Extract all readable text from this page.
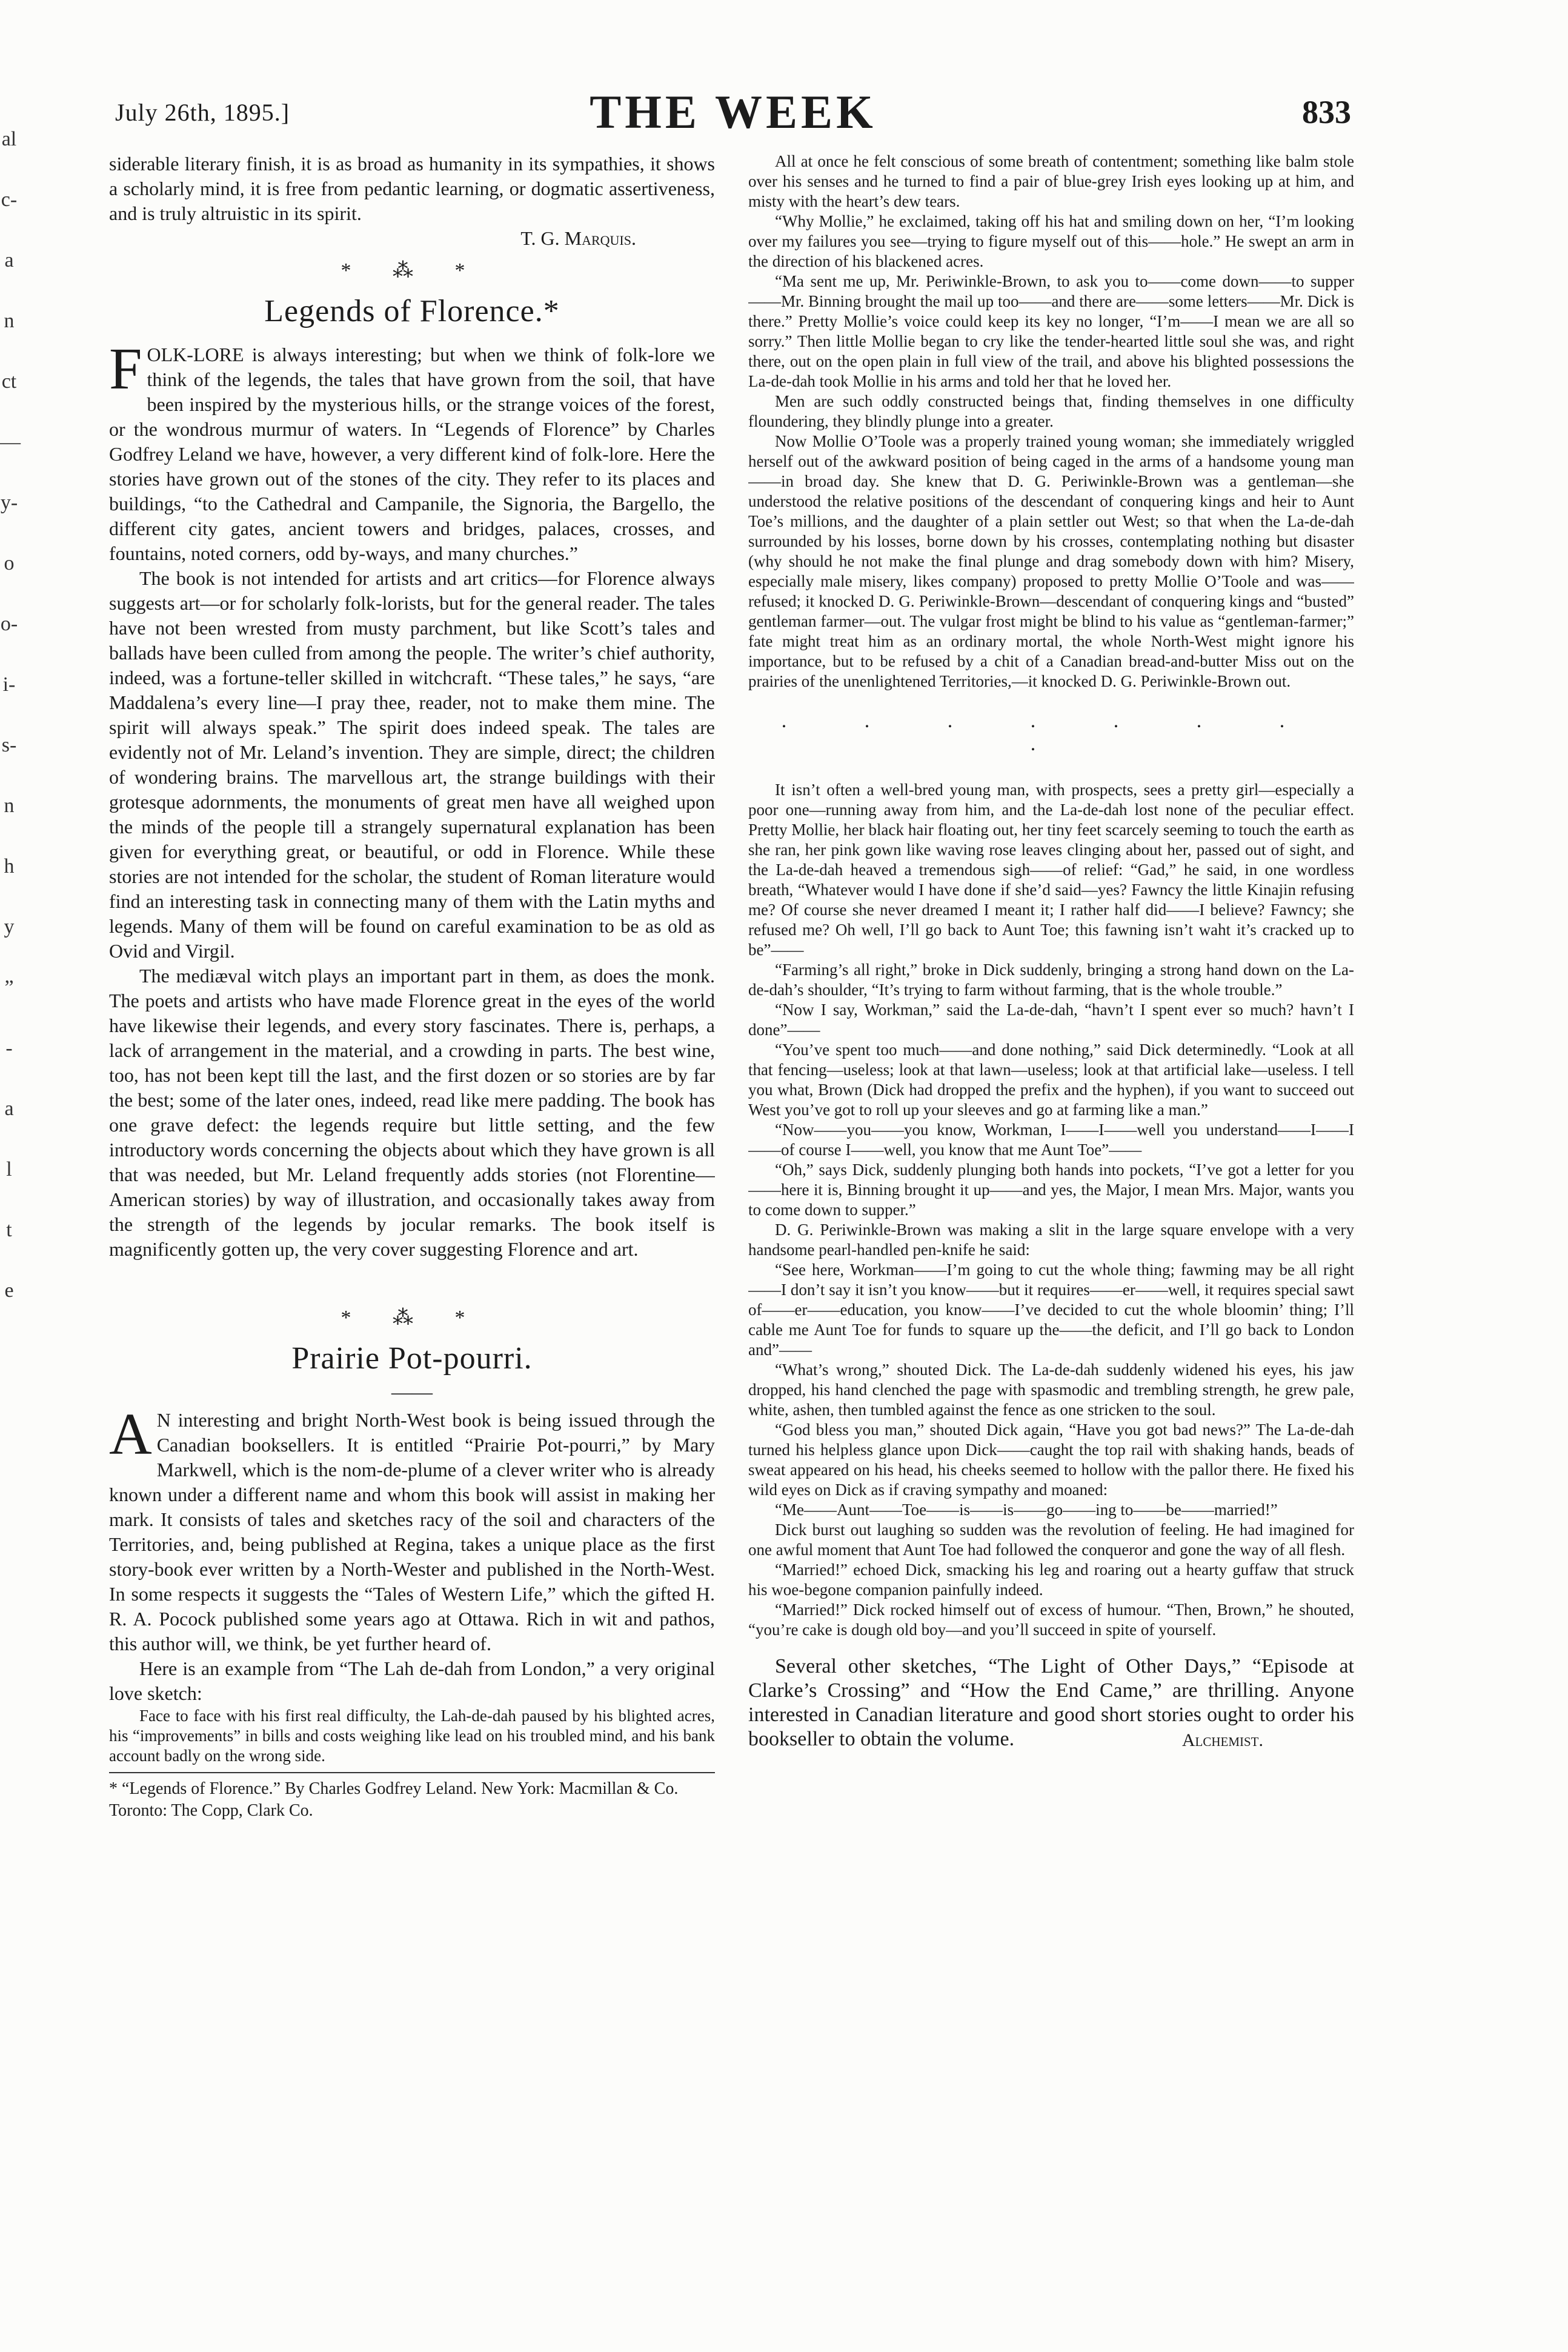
al
c-
a
n
ct
—
y-
o
o-
i-
s-
n
h
y
”
-
a
l
t
e
July 26th, 1895.]	THE WEEK	833

siderable literary finish, it is as broad as humanity in its sympathies, it shows a scholarly mind, it is free from pedantic learning, or dogmatic assertiveness, and is truly altruistic in its spirit.

T. G. Marquis.
* ⁂ *
Legends of Florence.*

FOLK-LORE is always interesting; but when we think of folk-lore we think of the legends, the tales that have grown from the soil, that have been inspired by the mysterious hills, or the strange voices of the forest, or the wondrous murmur of waters. In “Legends of Florence” by Charles Godfrey Leland we have, however, a very different kind of folk-lore. Here the stories have grown out of the stones of the city. They refer to its places and buildings, “to the Cathedral and Campanile, the Signoria, the Bargello, the different city gates, ancient towers and bridges, palaces, crosses, and fountains, noted corners, odd by-ways, and many churches.”

The book is not intended for artists and art critics—for Florence always suggests art—or for scholarly folk-lorists, but for the general reader. The tales have not been wrested from musty parchment, but like Scott’s tales and ballads have been culled from among the people. The writer’s chief authority, indeed, was a fortune-teller skilled in witchcraft. “These tales,” he says, “are Maddalena’s every line—I pray thee, reader, not to make them mine. The spirit will always speak.” The spirit does indeed speak. The tales are evidently not of Mr. Leland’s invention. They are simple, direct; the children of wondering brains. The marvellous art, the strange buildings with their grotesque adornments, the monuments of great men have all weighed upon the minds of the people till a strangely supernatural explanation has been given for everything great, or beautiful, or odd in Florence. While these stories are not intended for the scholar, the student of Roman literature would find an interesting task in connecting many of them with the Latin myths and legends. Many of them will be found on careful examination to be as old as Ovid and Virgil.

The mediæval witch plays an important part in them, as does the monk. The poets and artists who have made Florence great in the eyes of the world have likewise their legends, and every story fascinates. There is, perhaps, a lack of arrangement in the material, and a crowding in parts. The best wine, too, has not been kept till the last, and the first dozen or so stories are by far the best; some of the later ones, indeed, read like mere padding. The book has one grave defect: the legends require but little setting, and the few introductory words concerning the objects about which they have grown is all that was needed, but Mr. Leland frequently adds stories (not Florentine—American stories) by way of illustration, and occasionally takes away from the strength of the legends by jocular remarks. The book itself is magnificently gotten up, the very cover suggesting Florence and art.

* ⁂ *
Prairie Pot-pourri.
——

A N interesting and bright North-West book is being issued through the Canadian booksellers. It is entitled “Prairie Pot-pourri,” by Mary Markwell, which is the nom-de-plume of a clever writer who is already known under a different name and whom this book will assist in making her mark. It consists of tales and sketches racy of the soil and characters of the Territories, and, being published at Regina, takes a unique place as the first story-book ever written by a North-Wester and published in the North-West. In some respects it suggests the “Tales of Western Life,” which the gifted H. R. A. Pocock published some years ago at Ottawa. Rich in wit and pathos, this author will, we think, be yet further heard of.

Here is an example from “The Lah de-dah from London,” a very original love sketch:

Face to face with his first real difficulty, the Lah-de-dah paused by his blighted acres, his “improvements” in bills and costs weighing like lead on his troubled mind, and his bank account badly on the wrong side.

* “Legends of Florence.” By Charles Godfrey Leland. New York: Macmillan & Co. Toronto: The Copp, Clark Co.

All at once he felt conscious of some breath of contentment; something like balm stole over his senses and he turned to find a pair of blue-grey Irish eyes looking up at him, and misty with the heart’s dew tears.

“Why Mollie,” he exclaimed, taking off his hat and smiling down on her, “I’m looking over my failures you see—trying to figure myself out of this——hole.” He swept an arm in the direction of his blackened acres.

“Ma sent me up, Mr. Periwinkle-Brown, to ask you to——come down——to supper——Mr. Binning brought the mail up too——and there are——some letters——Mr. Dick is there.” Pretty Mollie’s voice could keep its key no longer, “I’m——I mean we are all so sorry.” Then little Mollie began to cry like the tender-hearted little soul she was, and right there, out on the open plain in full view of the trail, and above his blighted possessions the La-de-dah took Mollie in his arms and told her that he loved her.

Men are such oddly constructed beings that, finding themselves in one difficulty floundering, they blindly plunge into a greater.

Now Mollie O’Toole was a properly trained young woman; she immediately wriggled herself out of the awkward position of being caged in the arms of a handsome young man——in broad day. She knew that D. G. Periwinkle-Brown was a gentleman—she understood the relative positions of the descendant of conquering kings and heir to Aunt Toe’s millions, and the daughter of a plain settler out West; so that when the La-de-dah surrounded by his losses, borne down by his crosses, contemplating nothing but disaster (why should he not make the final plunge and drag somebody down with him? Misery, especially male misery, likes company) proposed to pretty Mollie O’Toole and was——refused; it knocked D. G. Periwinkle-Brown—descendant of conquering kings and “busted” gentleman farmer—out. The vulgar frost might be blind to his value as “gentleman-farmer;” fate might treat him as an ordinary mortal, the whole North-West might ignore his importance, but to be refused by a chit of a Canadian bread-and-butter Miss out on the prairies of the unenlightened Territories,—it knocked D. G. Periwinkle-Brown out.

. . . . . . . .

It isn’t often a well-bred young man, with prospects, sees a pretty girl—especially a poor one—running away from him, and the La-de-dah lost none of the peculiar effect. Pretty Mollie, her black hair floating out, her tiny feet scarcely seeming to touch the earth as she ran, her pink gown like waving rose leaves clinging about her, passed out of sight, and the La-de-dah heaved a tremendous sigh——of relief: “Gad,” he said, in one wordless breath, “Whatever would I have done if she’d said—yes? Fawncy the little Kinajin refusing me? Of course she never dreamed I meant it; I rather half did——I believe? Fawncy; she refused me? Oh well, I’ll go back to Aunt Toe; this fawning isn’t waht it’s cracked up to be”——

“Farming’s all right,” broke in Dick suddenly, bringing a strong hand down on the La-de-dah’s shoulder, “It’s trying to farm without farming, that is the whole trouble.”

“Now I say, Workman,” said the La-de-dah, “havn’t I spent ever so much? havn’t I done”——

“You’ve spent too much——and done nothing,” said Dick determinedly. “Look at all that fencing—useless; look at that lawn—useless; look at that artificial lake—useless. I tell you what, Brown (Dick had dropped the prefix and the hyphen), if you want to succeed out West you’ve got to roll up your sleeves and go at farming like a man.”

“Now——you——you know, Workman, I——I——well you understand——I——I——of course I——well, you know that me Aunt Toe”——

“Oh,” says Dick, suddenly plunging both hands into pockets, “I’ve got a letter for you——here it is, Binning brought it up——and yes, the Major, I mean Mrs. Major, wants you to come down to supper.”

D. G. Periwinkle-Brown was making a slit in the large square envelope with a very handsome pearl-handled pen-knife he said:

“See here, Workman——I’m going to cut the whole thing; fawming may be all right——I don’t say it isn’t you know——but it requires——er——well, it requires special sawt of——er——education, you know——I’ve decided to cut the whole bloomin’ thing; I’ll cable me Aunt Toe for funds to square up the——the deficit, and I’ll go back to London and”——

“What’s wrong,” shouted Dick. The La-de-dah suddenly widened his eyes, his jaw dropped, his hand clenched the page with spasmodic and trembling strength, he grew pale, white, ashen, then tumbled against the fence as one stricken to the soul.

“God bless you man,” shouted Dick again, “Have you got bad news?” The La-de-dah turned his helpless glance upon Dick——caught the top rail with shaking hands, beads of sweat appeared on his head, his cheeks seemed to hollow with the pallor there. He fixed his wild eyes on Dick as if craving sympathy and moaned:

“Me——Aunt——Toe——is——is——go——ing to——be——married!”

Dick burst out laughing so sudden was the revolution of feeling. He had imagined for one awful moment that Aunt Toe had followed the conqueror and gone the way of all flesh.

“Married!” echoed Dick, smacking his leg and roaring out a hearty guffaw that struck his woe-begone companion painfully indeed.

“Married!” Dick rocked himself out of excess of humour. “Then, Brown,” he shouted, “you’re cake is dough old boy—and you’ll succeed in spite of yourself.

Several other sketches, “The Light of Other Days,” “Episode at Clarke’s Crossing” and “How the End Came,” are thrilling. Anyone interested in Canadian literature and good short stories ought to order his bookseller to obtain the volume.	Alchemist.
